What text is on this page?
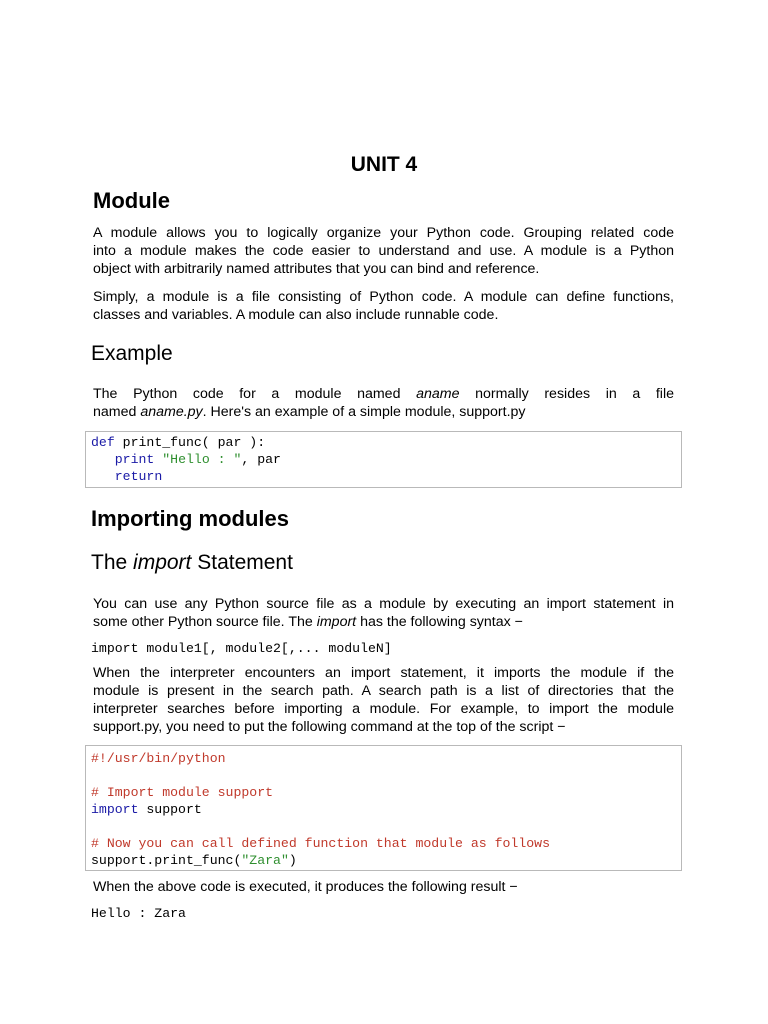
UNIT 4
Module
A module allows you to logically organize your Python code. Grouping related code
into a module makes the code easier to understand and use. A module is a Python
object with arbitrarily named attributes that you can bind and reference.
Simply, a module is a file consisting of Python code. A module can define functions,
classes and variables. A module can also include runnable code.
Example
The Python code for a module named aname normally resides in a file
named aname.py. Here's an example of a simple module, support.py
def print_func( par ):
print "Hello : ", par
return
Importing modules
The import Statement
You can use any Python source file as a module by executing an import statement in
some other Python source file. The import has the following syntax −
import module1[, module2[,... moduleN]
When the interpreter encounters an import statement, it imports the module if the
module is present in the search path. A search path is a list of directories that the
interpreter searches before importing a module. For example, to import the module
support.py, you need to put the following command at the top of the script −
#!/usr/bin/python

# Import module support
import support

# Now you can call defined function that module as follows
support.print_func("Zara")
When the above code is executed, it produces the following result −
Hello : Zara
